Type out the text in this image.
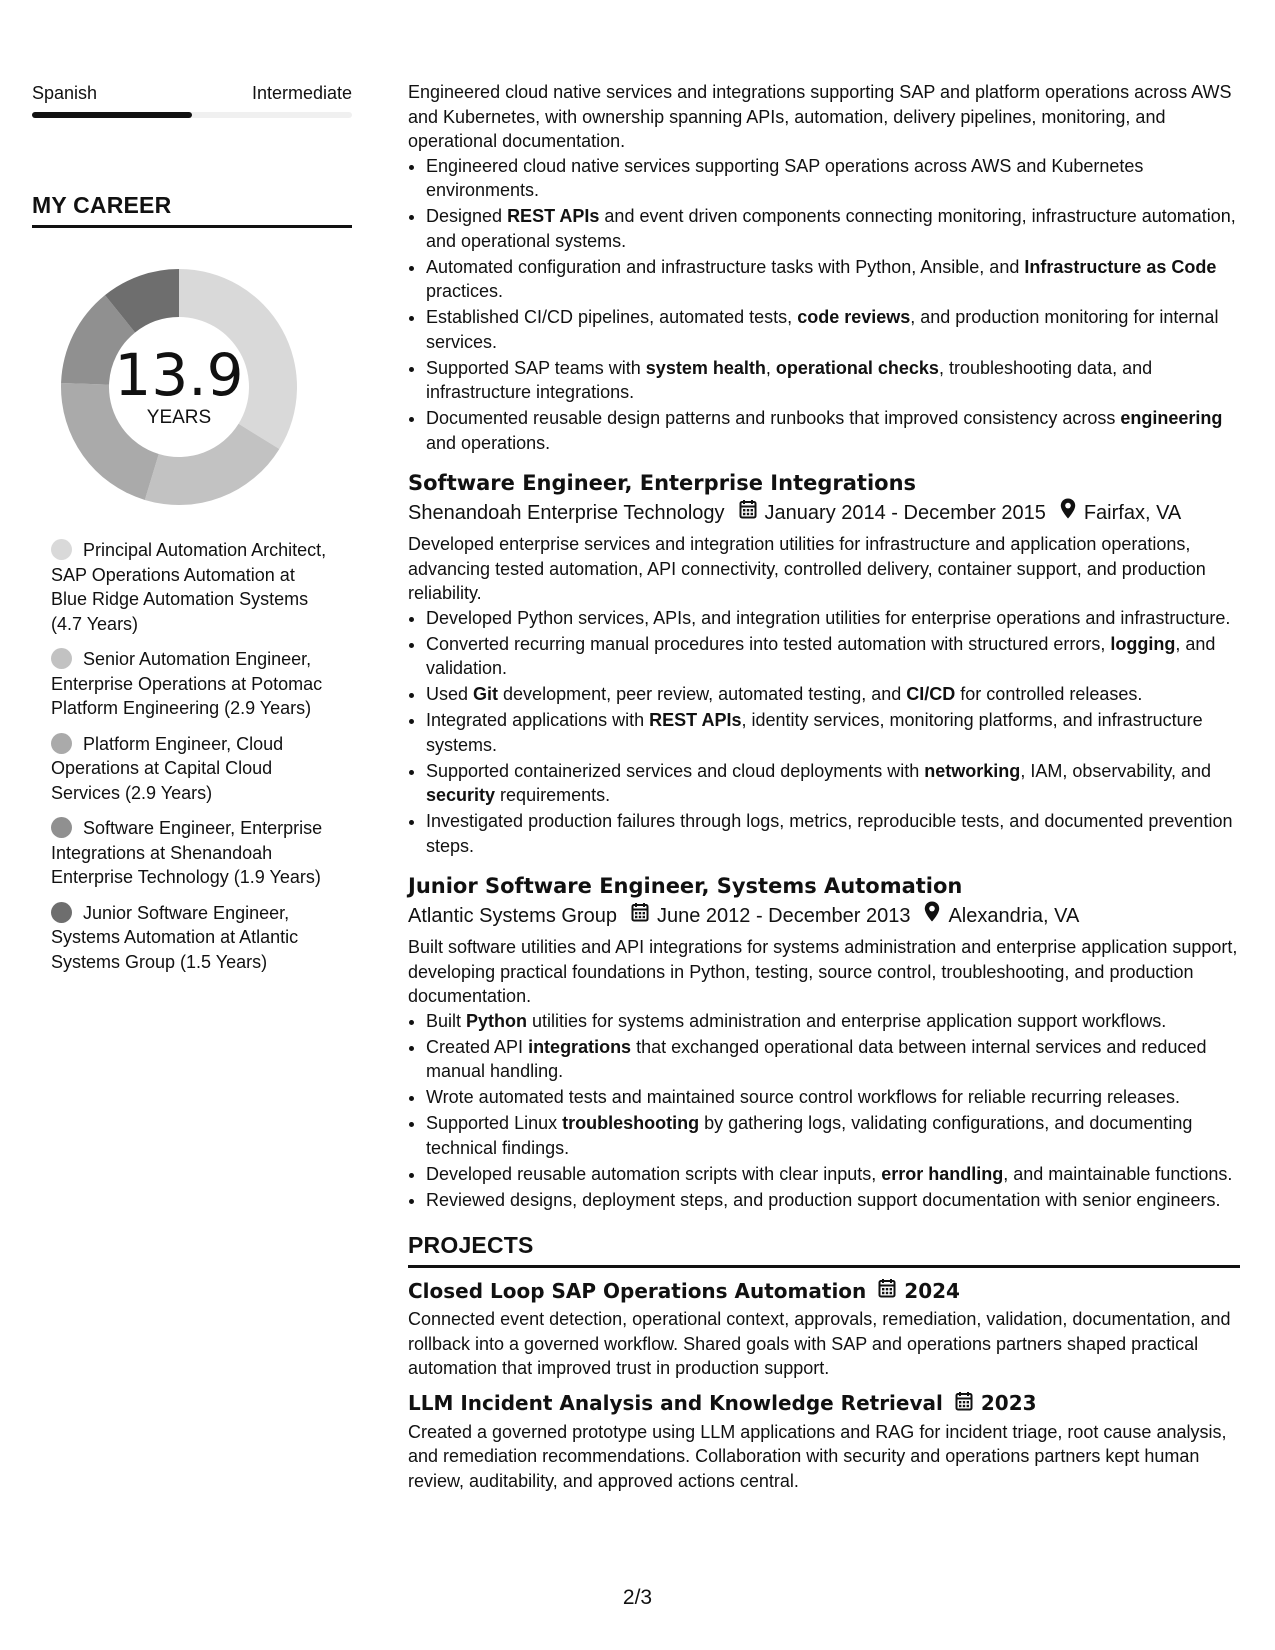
Spanish	Intermediate
MY CAREER
13.9
YEARS
Principal Automation Architect, SAP Operations Automation at Blue Ridge Automation Systems (4.7 Years)
Senior Automation Engineer, Enterprise Operations at Potomac Platform Engineering (2.9 Years)
Platform Engineer, Cloud Operations at Capital Cloud Services (2.9 Years)
Software Engineer, Enterprise Integrations at Shenandoah Enterprise Technology (1.9 Years)
Junior Software Engineer, Systems Automation at Atlantic Systems Group (1.5 Years)

Engineered cloud native services and integrations supporting SAP and platform operations across AWS and Kubernetes, with ownership spanning APIs, automation, delivery pipelines, monitoring, and operational documentation.

• Engineered cloud native services supporting SAP operations across AWS and Kubernetes environments.
• Designed REST APIs and event driven components connecting monitoring, infrastructure automation, and operational systems.
• Automated configuration and infrastructure tasks with Python, Ansible, and Infrastructure as Code practices.
• Established CI/CD pipelines, automated tests, code reviews, and production monitoring for internal services.
• Supported SAP teams with system health, operational checks, troubleshooting data, and infrastructure integrations.
• Documented reusable design patterns and runbooks that improved consistency across engineering and operations.
Software Engineer, Enterprise Integrations
Shenandoah Enterprise Technology January 2014 - December 2015 Fairfax, VA

Developed enterprise services and integration utilities for infrastructure and application operations, advancing tested automation, API connectivity, controlled delivery, container support, and production reliability.

• Developed Python services, APIs, and integration utilities for enterprise operations and infrastructure.
• Converted recurring manual procedures into tested automation with structured errors, logging, and validation.
• Used Git development, peer review, automated testing, and CI/CD for controlled releases.
• Integrated applications with REST APIs, identity services, monitoring platforms, and infrastructure systems.
• Supported containerized services and cloud deployments with networking, IAM, observability, and security requirements.
• Investigated production failures through logs, metrics, reproducible tests, and documented prevention steps.
Junior Software Engineer, Systems Automation
Atlantic Systems Group June 2012 - December 2013 Alexandria, VA

Built software utilities and API integrations for systems administration and enterprise application support, developing practical foundations in Python, testing, source control, troubleshooting, and production documentation.

• Built Python utilities for systems administration and enterprise application support workflows.
• Created API integrations that exchanged operational data between internal services and reduced manual handling.
• Wrote automated tests and maintained source control workflows for reliable recurring releases.
• Supported Linux troubleshooting by gathering logs, validating configurations, and documenting technical findings.
• Developed reusable automation scripts with clear inputs, error handling, and maintainable functions.
• Reviewed designs, deployment steps, and production support documentation with senior engineers.
PROJECTS
Closed Loop SAP Operations Automation 2024

Connected event detection, operational context, approvals, remediation, validation, documentation, and rollback into a governed workflow. Shared goals with SAP and operations partners shaped practical automation that improved trust in production support.

LLM Incident Analysis and Knowledge Retrieval 2023

Created a governed prototype using LLM applications and RAG for incident triage, root cause analysis, and remediation recommendations. Collaboration with security and operations partners kept human review, auditability, and approved actions central.

2/3
